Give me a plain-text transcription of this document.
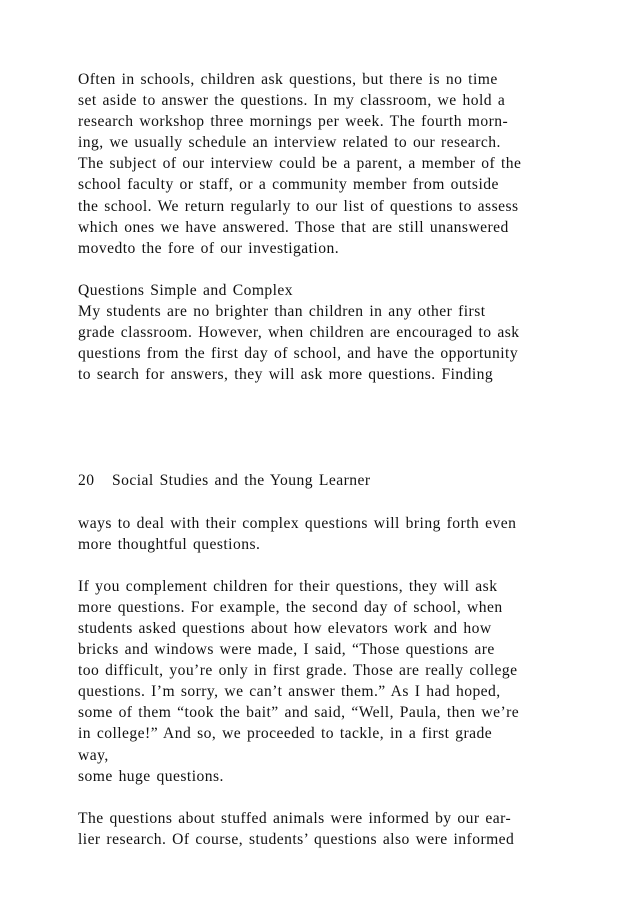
Often in schools, children ask questions, but there is no time
set aside to answer the questions. In my classroom, we hold a
research workshop three mornings per week. The fourth morn-
ing, we usually schedule an interview related to our research.
The subject of our interview could be a parent, a member of the
school faculty or staff, or a community member from outside
the school. We return regularly to our list of questions to assess
which ones we have answered. Those that are still unanswered
movedto the fore of our investigation.
Questions Simple and Complex
My students are no brighter than children in any other first
grade classroom. However, when children are encouraged to ask
questions from the first day of school, and have the opportunity
to search for answers, they will ask more questions. Finding
20   Social Studies and the Young Learner
ways to deal with their complex questions will bring forth even
more thoughtful questions.
If you complement children for their questions, they will ask
more questions. For example, the second day of school, when
students asked questions about how elevators work and how
bricks and windows were made, I said, “Those questions are
too difficult, you’re only in first grade. Those are really college
questions. I’m sorry, we can’t answer them.” As I had hoped,
some of them “took the bait” and said, “Well, Paula, then we’re
in college!” And so, we proceeded to tackle, in a first grade
way,
some huge questions.
The questions about stuffed animals were informed by our ear-
lier research. Of course, students’ questions also were informed
